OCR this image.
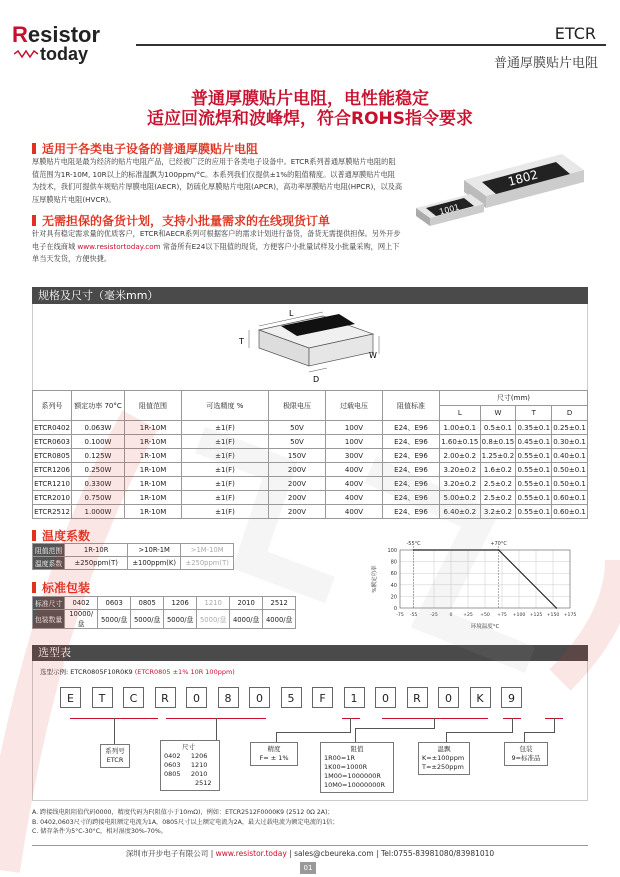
Resistor
today
ETCR
普通厚膜贴片电阻
普通厚膜贴片电阻，电性能稳定
适应回流焊和波峰焊，符合ROHS指令要求
适用于各类电子设备的普通厚膜贴片电阻
厚膜贴片电阻是最为经济的贴片电阻产品，已经被广泛的应用于各类电子设备中。ETCR系列普通厚膜贴片电阻的阻值范围为1R-10M, 10R以上的标准温飘为100ppm/°C。本系列我们仅提供±1%的阻值精度。以普通厚膜贴片电阻为技术，我们可提供车规贴片厚膜电阻(AECR)，防硫化厚膜贴片电阻(APCR)，高功率厚膜贴片电阻(HPCR)，以及高压厚膜贴片电阻(HVCR)。
无需担保的备货计划，支持小批量需求的在线现货订单
针对具有稳定需求量的优质客户，ETCR和AECR系列可根据客户的需求计划进行备货，备货无需提供担保。另外开步电子在线商城 www.resistortoday.com 常备所有E24以下阻值的现货，方便客户小批量试样及小批量采购，网上下单当天发货，方便快捷。
1802
1001
规格及尺寸（毫米mm）
L
W
T
D
系列号	额定功率 70°C	阻值范围	可选精度 %	极限电压	过载电压	阻值标准	尺寸(mm)			
							L	W	T	D
ETCR0402	0.063W	1R-10M	±1(F)	50V	100V	E24、E96	1.00±0.1	0.5±0.1	0.35±0.1	0.25±0.1
ETCR0603	0.100W	1R-10M	±1(F)	50V	100V	E24、E96	1.60±0.15	0.8±0.15	0.45±0.1	0.30±0.1
ETCR0805	0.125W	1R-10M	±1(F)	150V	300V	E24、E96	2.00±0.2	1.25±0.2	0.55±0.1	0.40±0.1
ETCR1206	0.250W	1R-10M	±1(F)	200V	400V	E24、E96	3.20±0.2	1.6±0.2	0.55±0.1	0.50±0.1
ETCR1210	0.330W	1R-10M	±1(F)	200V	400V	E24、E96	3.20±0.2	2.5±0.2	0.55±0.1	0.50±0.1
ETCR2010	0.750W	1R-10M	±1(F)	200V	400V	E24、E96	5.00±0.2	2.5±0.2	0.55±0.1	0.60±0.1
ETCR2512	1.000W	1R-10M	±1(F)	200V	400V	E24、E96	6.40±0.2	3.2±0.2	0.55±0.1	0.60±0.1
温度系数
阻值范围	1R-10R	>10R-1M	>1M-10M
温度系数	±250ppm(T)	±100ppm(K)	±250ppm(T)
标准包装
标准尺寸	0402	0603	0805	1206	1210	2010	2512
包装数量	10000/盘	5000/盘	5000/盘	5000/盘	5000/盘	4000/盘	4000/盘
0
20
40
60
80
100
-75 -55	-25	0 +25 +50 +75 +100 +125 +150 +175
-55°C	+70°C
%额定功率
环境温度°C
选型表
选型示例: ETCR0805F10R0K9 (ETCR0805 ±1% 10R 100ppm)
E	T	C	R	0	8	0	5	F	1	0	R	0	K	9
系列号
ETCR
尺寸
0402 1206
0603 1210
0805 2010
2512
精度
F= ± 1%
阻值
1R00=1R
1K00=1000R
1M00=1000000R
10M0=10000000R
温飘
K=±100ppm
T=±250ppm
包装
9=标准品
A. 跨接线电阻阻值代码0000，精度代码为F(阻值小于10mΩ)，例如：ETCR2512F0000K9 (2512 0Ω 2A)；
B. 0402,0603尺寸的跨接电阻额定电流为1A，0805尺寸以上额定电流为2A，最大过载电流为额定电流的1倍；
C. 储存条件为5°C-30°C，相对湿度30%-70%。
深圳市开步电子有限公司 | www.resistor.today | sales@cbeureka.com | Tel:0755-83981080/83981010
01
